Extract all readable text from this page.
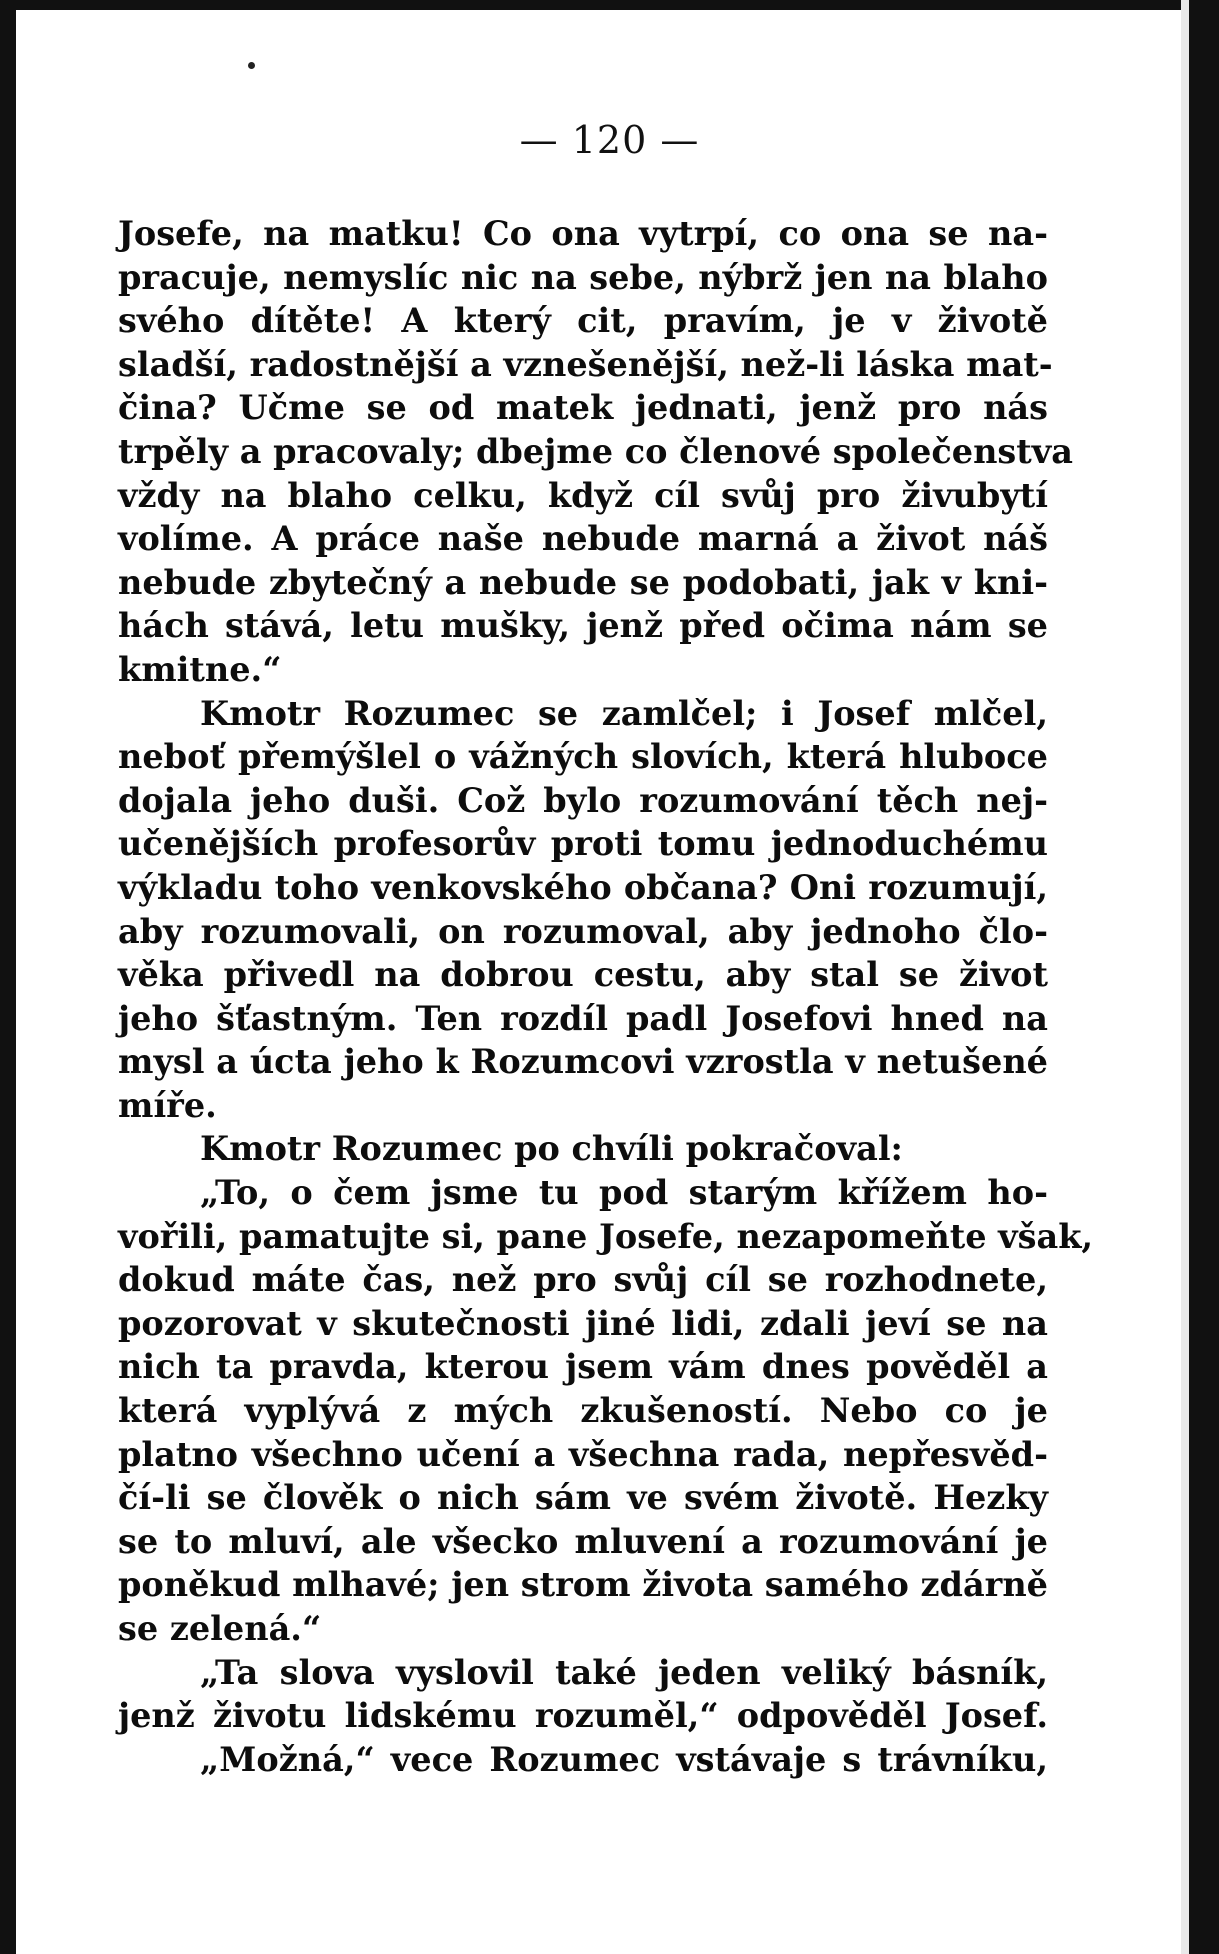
— 120 —
Josefe, na matku! Co ona vytrpí, co ona se na-
pracuje, nemyslíc nic na sebe, nýbrž jen na blaho
svého dítěte! A který cit, pravím, je v životě
sladší, radostnější a vznešenější, než-li láska mat-
čina? Učme se od matek jednati, jenž pro nás
trpěly a pracovaly; dbejme co členové společenstva
vždy na blaho celku, když cíl svůj pro živubytí
volíme. A práce naše nebude marná a život náš
nebude zbytečný a nebude se podobati, jak v kni-
hách stává, letu mušky, jenž před očima nám se
kmitne.“
Kmotr Rozumec se zamlčel; i Josef mlčel,
neboť přemýšlel o vážných slovích, která hluboce
dojala jeho duši. Což bylo rozumování těch nej-
učenějších profesorův proti tomu jednoduchému
výkladu toho venkovského občana? Oni rozumují,
aby rozumovali, on rozumoval, aby jednoho člo-
věka přivedl na dobrou cestu, aby stal se život
jeho šťastným. Ten rozdíl padl Josefovi hned na
mysl a úcta jeho k Rozumcovi vzrostla v netušené
míře.
Kmotr Rozumec po chvíli pokračoval:
„To, o čem jsme tu pod starým křížem ho-
vořili, pamatujte si, pane Josefe, nezapomeňte však,
dokud máte čas, než pro svůj cíl se rozhodnete,
pozorovat v skutečnosti jiné lidi, zdali jeví se na
nich ta pravda, kterou jsem vám dnes pověděl a
která vyplývá z mých zkušeností. Nebo co je
platno všechno učení a všechna rada, nepřesvěd-
čí-li se člověk o nich sám ve svém životě. Hezky
se to mluví, ale všecko mluvení a rozumování je
poněkud mlhavé; jen strom života samého zdárně
se zelená.“
„Ta slova vyslovil také jeden veliký básník,
jenž životu lidskému rozuměl,“ odpověděl Josef.
„Možná,“ vece Rozumec vstávaje s trávníku,
